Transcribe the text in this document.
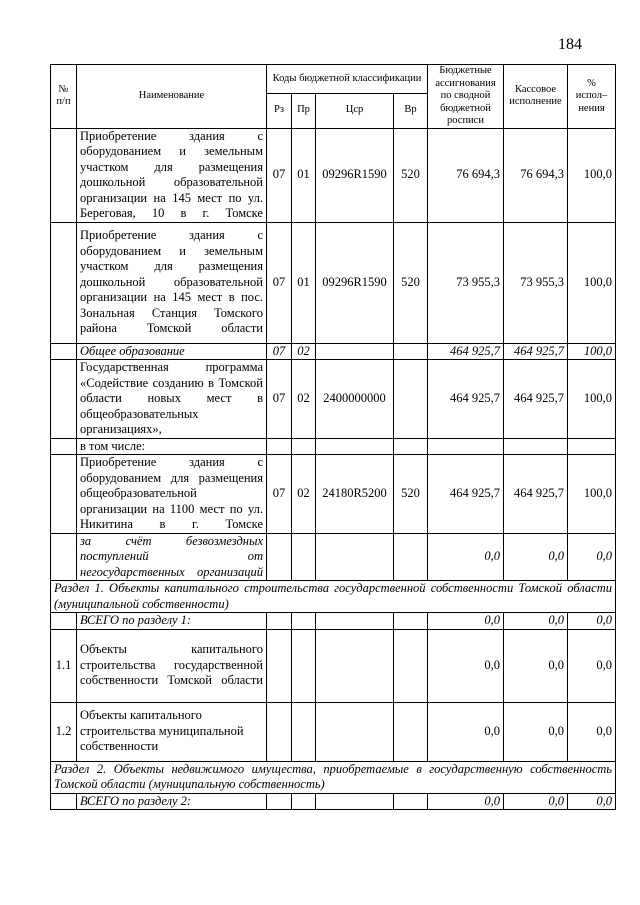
184
№
п/п	Наименование	Коды бюджетной классификации				Бюджетные ассигнования по сводной бюджетной росписи	Кассовое исполнение	% испол– нения
		Рз	Пр	Цср	Вр			
	Приобретение здания с оборудованием и земельным участком для размещения дошкольной образовательной организации на 145 мест по ул. Береговая, 10 в г. Томске	07	01	09296R1590	520	76 694,3	76 694,3	100,0
	Приобретение здания с оборудованием и земельным участком для размещения дошкольной образовательной организации на 145 мест в пос. Зональная Станция Томского района Томской области	07	01	09296R1590	520	73 955,3	73 955,3	100,0
	Общее образование	07	02			464 925,7	464 925,7	100,0
	Государственная программа «Содействие созданию в Томской области новых мест в общеобразовательных организациях»,	07	02	2400000000		464 925,7	464 925,7	100,0
	в том числе:							
	Приобретение здания с оборудованием для размещения общеобразовательной организации на 1100 мест по ул. Никитина в г. Томске	07	02	24180R5200	520	464 925,7	464 925,7	100,0
	за счёт безвозмездных поступлений от негосударственных организаций					0,0	0,0	0,0
Раздел 1. Объекты капитального строительства государственной собственности Томской области (муниципальной собственности)								
	ВСЕГО по разделу 1:					0,0	0,0	0,0
1.1	Объекты капитального строительства государственной собственности Томской области					0,0	0,0	0,0
1.2	Объекты капитального строительства муниципальной собственности					0,0	0,0	0,0
Раздел 2. Объекты недвижимого имущества, приобретаемые в государственную собственность Томской области (муниципальную собственность)								
	ВСЕГО по разделу 2:					0,0	0,0	0,0
